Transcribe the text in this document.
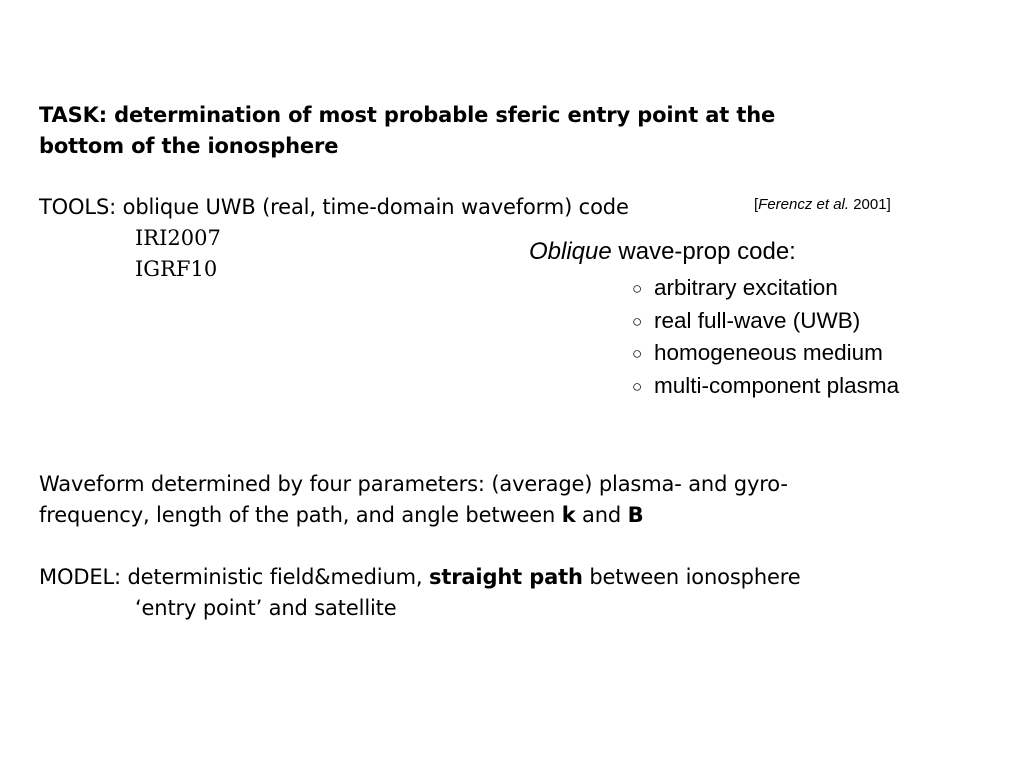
TASK: determination of most probable sferic entry point at the
bottom of the ionosphere
TOOLS: oblique UWB (real, time-domain waveform) code
IRI2007
IGRF10
[Ferencz et al. 2001]
Oblique wave-prop code:
○ arbitrary excitation
○ real full-wave (UWB)
○ homogeneous medium
○ multi-component plasma
Waveform determined by four parameters: (average) plasma- and gyro-
frequency, length of the path, and angle between k and B
MODEL: deterministic field&medium, straight path between ionosphere
‘entry point’ and satellite
